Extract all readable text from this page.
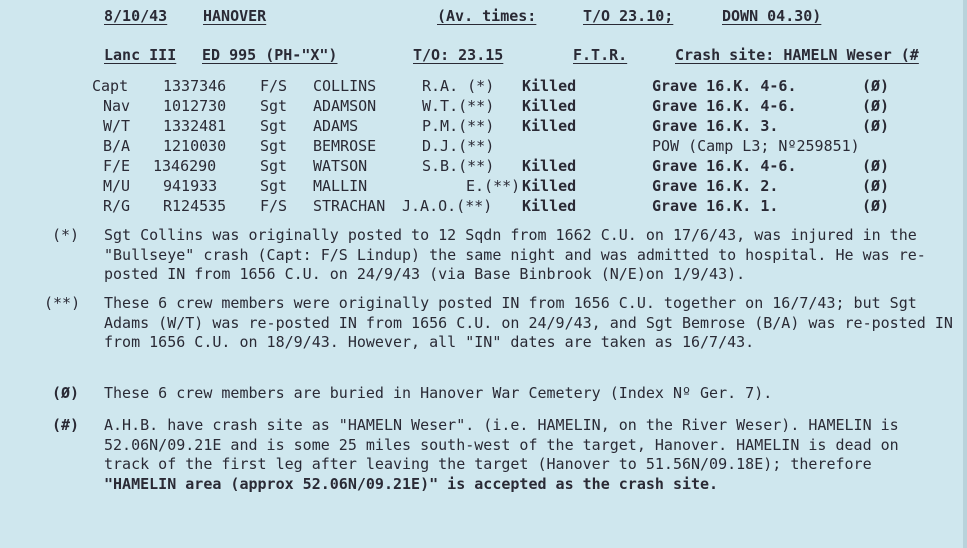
8/10/43 HANOVER	(Av. times:	T/O 23.10;	DOWN 04.30)
Lanc III ED 995 (PH-"X")	T/O: 23.15	F.T.R.	Crash site: HAMELN Weser (#
Capt 1337346 F/S COLLINS	R.A. (*) Killed	Grave 16.K. 4-6.	(Ø)
Nav 1012730 Sgt ADAMSON	W.T.(**) Killed	Grave 16.K. 4-6.	(Ø)
W/T 1332481 Sgt ADAMS	P.M.(**) Killed	Grave 16.K. 3.	(Ø)
B/A 1210030 Sgt BEMROSE	D.J.(**)	POW (Camp L3; Nº259851)
F/E 1346290	Sgt WATSON	S.B.(**) Killed	Grave 16.K. 4-6.	(Ø)
M/U 941933	Sgt MALLIN	E.(**) Killed	Grave 16.K. 2.	(Ø)
R/G R124535 F/S STRACHAN J.A.O.(**) Killed	Grave 16.K. 1.	(Ø)
(*) Sgt Collins was originally posted to 12 Sqdn from 1662 C.U. on 17/6/43, was injured in the "Bullseye" crash (Capt: F/S Lindup) the same night and was admitted to hospital. He was re-posted IN from 1656 C.U. on 24/9/43 (via Base Binbrook (N/E)on 1/9/43).
(**) These 6 crew members were originally posted IN from 1656 C.U. together on 16/7/43; but Sgt Adams (W/T) was re-posted IN from 1656 C.U. on 24/9/43, and Sgt Bemrose (B/A) was re-posted IN from 1656 C.U. on 18/9/43. However, all "IN" dates are taken as 16/7/43.
(Ø) These 6 crew members are buried in Hanover War Cemetery (Index Nº Ger. 7).
(#) A.H.B. have crash site as "HAMELN Weser". (i.e. HAMELIN, on the River Weser). HAMELIN is 52.06N/09.21E and is some 25 miles south-west of the target, Hanover. HAMELIN is dead on track of the first leg after leaving the target (Hanover to 51.56N/09.18E); therefore "HAMELIN area (approx 52.06N/09.21E)" is accepted as the crash site.
